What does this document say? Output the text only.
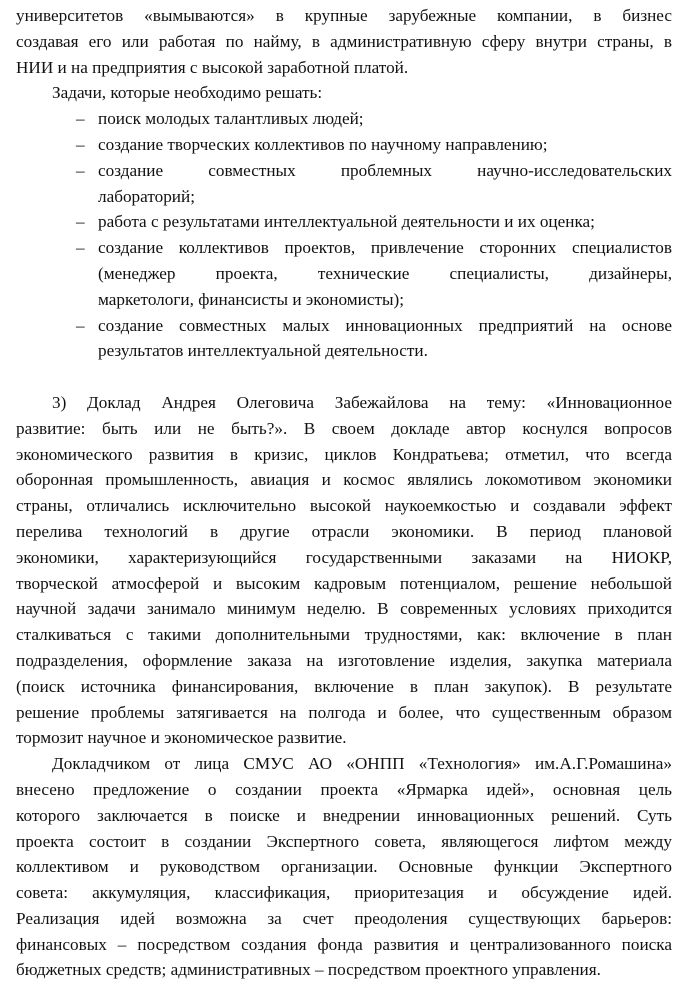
университетов «вымываются» в крупные зарубежные компании, в бизнес
создавая его или работая по найму, в административную сферу внутри страны, в
НИИ и на предприятия с высокой заработной платой.
Задачи, которые необходимо решать:
– поиск молодых талантливых людей;
– создание творческих коллективов по научному направлению;
– создание совместных проблемных научно-исследовательских
лабораторий;
– работа с результатами интеллектуальной деятельности и их оценка;
– создание коллективов проектов, привлечение сторонних специалистов
(менеджер проекта, технические специалисты, дизайнеры,
маркетологи, финансисты и экономисты);
– создание совместных малых инновационных предприятий на основе
результатов интеллектуальной деятельности.
3) Доклад Андрея Олеговича Забежайлова на тему: «Инновационное
развитие: быть или не быть?». В своем докладе автор коснулся вопросов
экономического развития в кризис, циклов Кондратьева; отметил, что всегда
оборонная промышленность, авиация и космос являлись локомотивом экономики
страны, отличались исключительно высокой наукоемкостью и создавали эффект
перелива технологий в другие отрасли экономики. В период плановой
экономики, характеризующийся государственными заказами на НИОКР,
творческой атмосферой и высоким кадровым потенциалом, решение небольшой
научной задачи занимало минимум неделю. В современных условиях приходится
сталкиваться с такими дополнительными трудностями, как: включение в план
подразделения, оформление заказа на изготовление изделия, закупка материала
(поиск источника финансирования, включение в план закупок). В результате
решение проблемы затягивается на полгода и более, что существенным образом
тормозит научное и экономическое развитие.
Докладчиком от лица СМУС АО «ОНПП «Технология» им.А.Г.Ромашина»
внесено предложение о создании проекта «Ярмарка идей», основная цель
которого заключается в поиске и внедрении инновационных решений. Суть
проекта состоит в создании Экспертного совета, являющегося лифтом между
коллективом и руководством организации. Основные функции Экспертного
совета: аккумуляция, классификация, приоритезация и обсуждение идей.
Реализация идей возможна за счет преодоления существующих барьеров:
финансовых – посредством создания фонда развития и централизованного поиска
бюджетных средств; административных – посредством проектного управления.
